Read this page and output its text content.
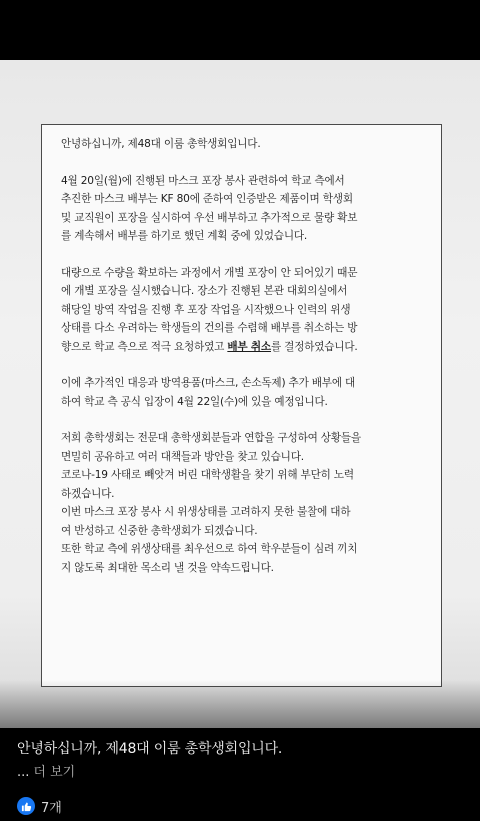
안녕하십니까, 제48대 이룸 총학생회입니다.

4월 20일(월)에 진행된 마스크 포장 봉사 관련하여 학교 측에서

추진한 마스크 배부는 KF 80에 준하여 인증받은 제품이며 학생회

및 교직원이 포장을 실시하여 우선 배부하고 추가적으로 물량 확보

를 계속해서 배부를 하기로 했던 계획 중에 있었습니다.

대량으로 수량을 확보하는 과정에서 개별 포장이 안 되어있기 때문

에 개별 포장을 실시했습니다. 장소가 진행된 본관 대회의실에서

해당일 방역 작업을 진행 후 포장 작업을 시작했으나 인력의 위생

상태를 다소 우려하는 학생들의 건의를 수렴해 배부를 취소하는 방

향으로 학교 측으로 적극 요청하였고 배부 취소를 결정하였습니다.

이에 추가적인 대응과 방역용품(마스크, 손소독제) 추가 배부에 대

하여 학교 측 공식 입장이 4월 22일(수)에 있을 예정입니다.

저희 총학생회는 전문대 총학생회분들과 연합을 구성하여 상황들을

면밀히 공유하고 여러 대책들과 방안을 찾고 있습니다.

코로나-19 사태로 빼앗겨 버린 대학생활을 찾기 위해 부단히 노력

하겠습니다.

이번 마스크 포장 봉사 시 위생상태를 고려하지 못한 불찰에 대하

여 반성하고 신중한 총학생회가 되겠습니다.

또한 학교 측에 위생상태를 최우선으로 하여 학우분들이 심려 끼치

지 않도록 최대한 목소리 낼 것을 약속드립니다.

안녕하십니까, 제48대 이룸 총학생회입니다.
... 더 보기
7개
